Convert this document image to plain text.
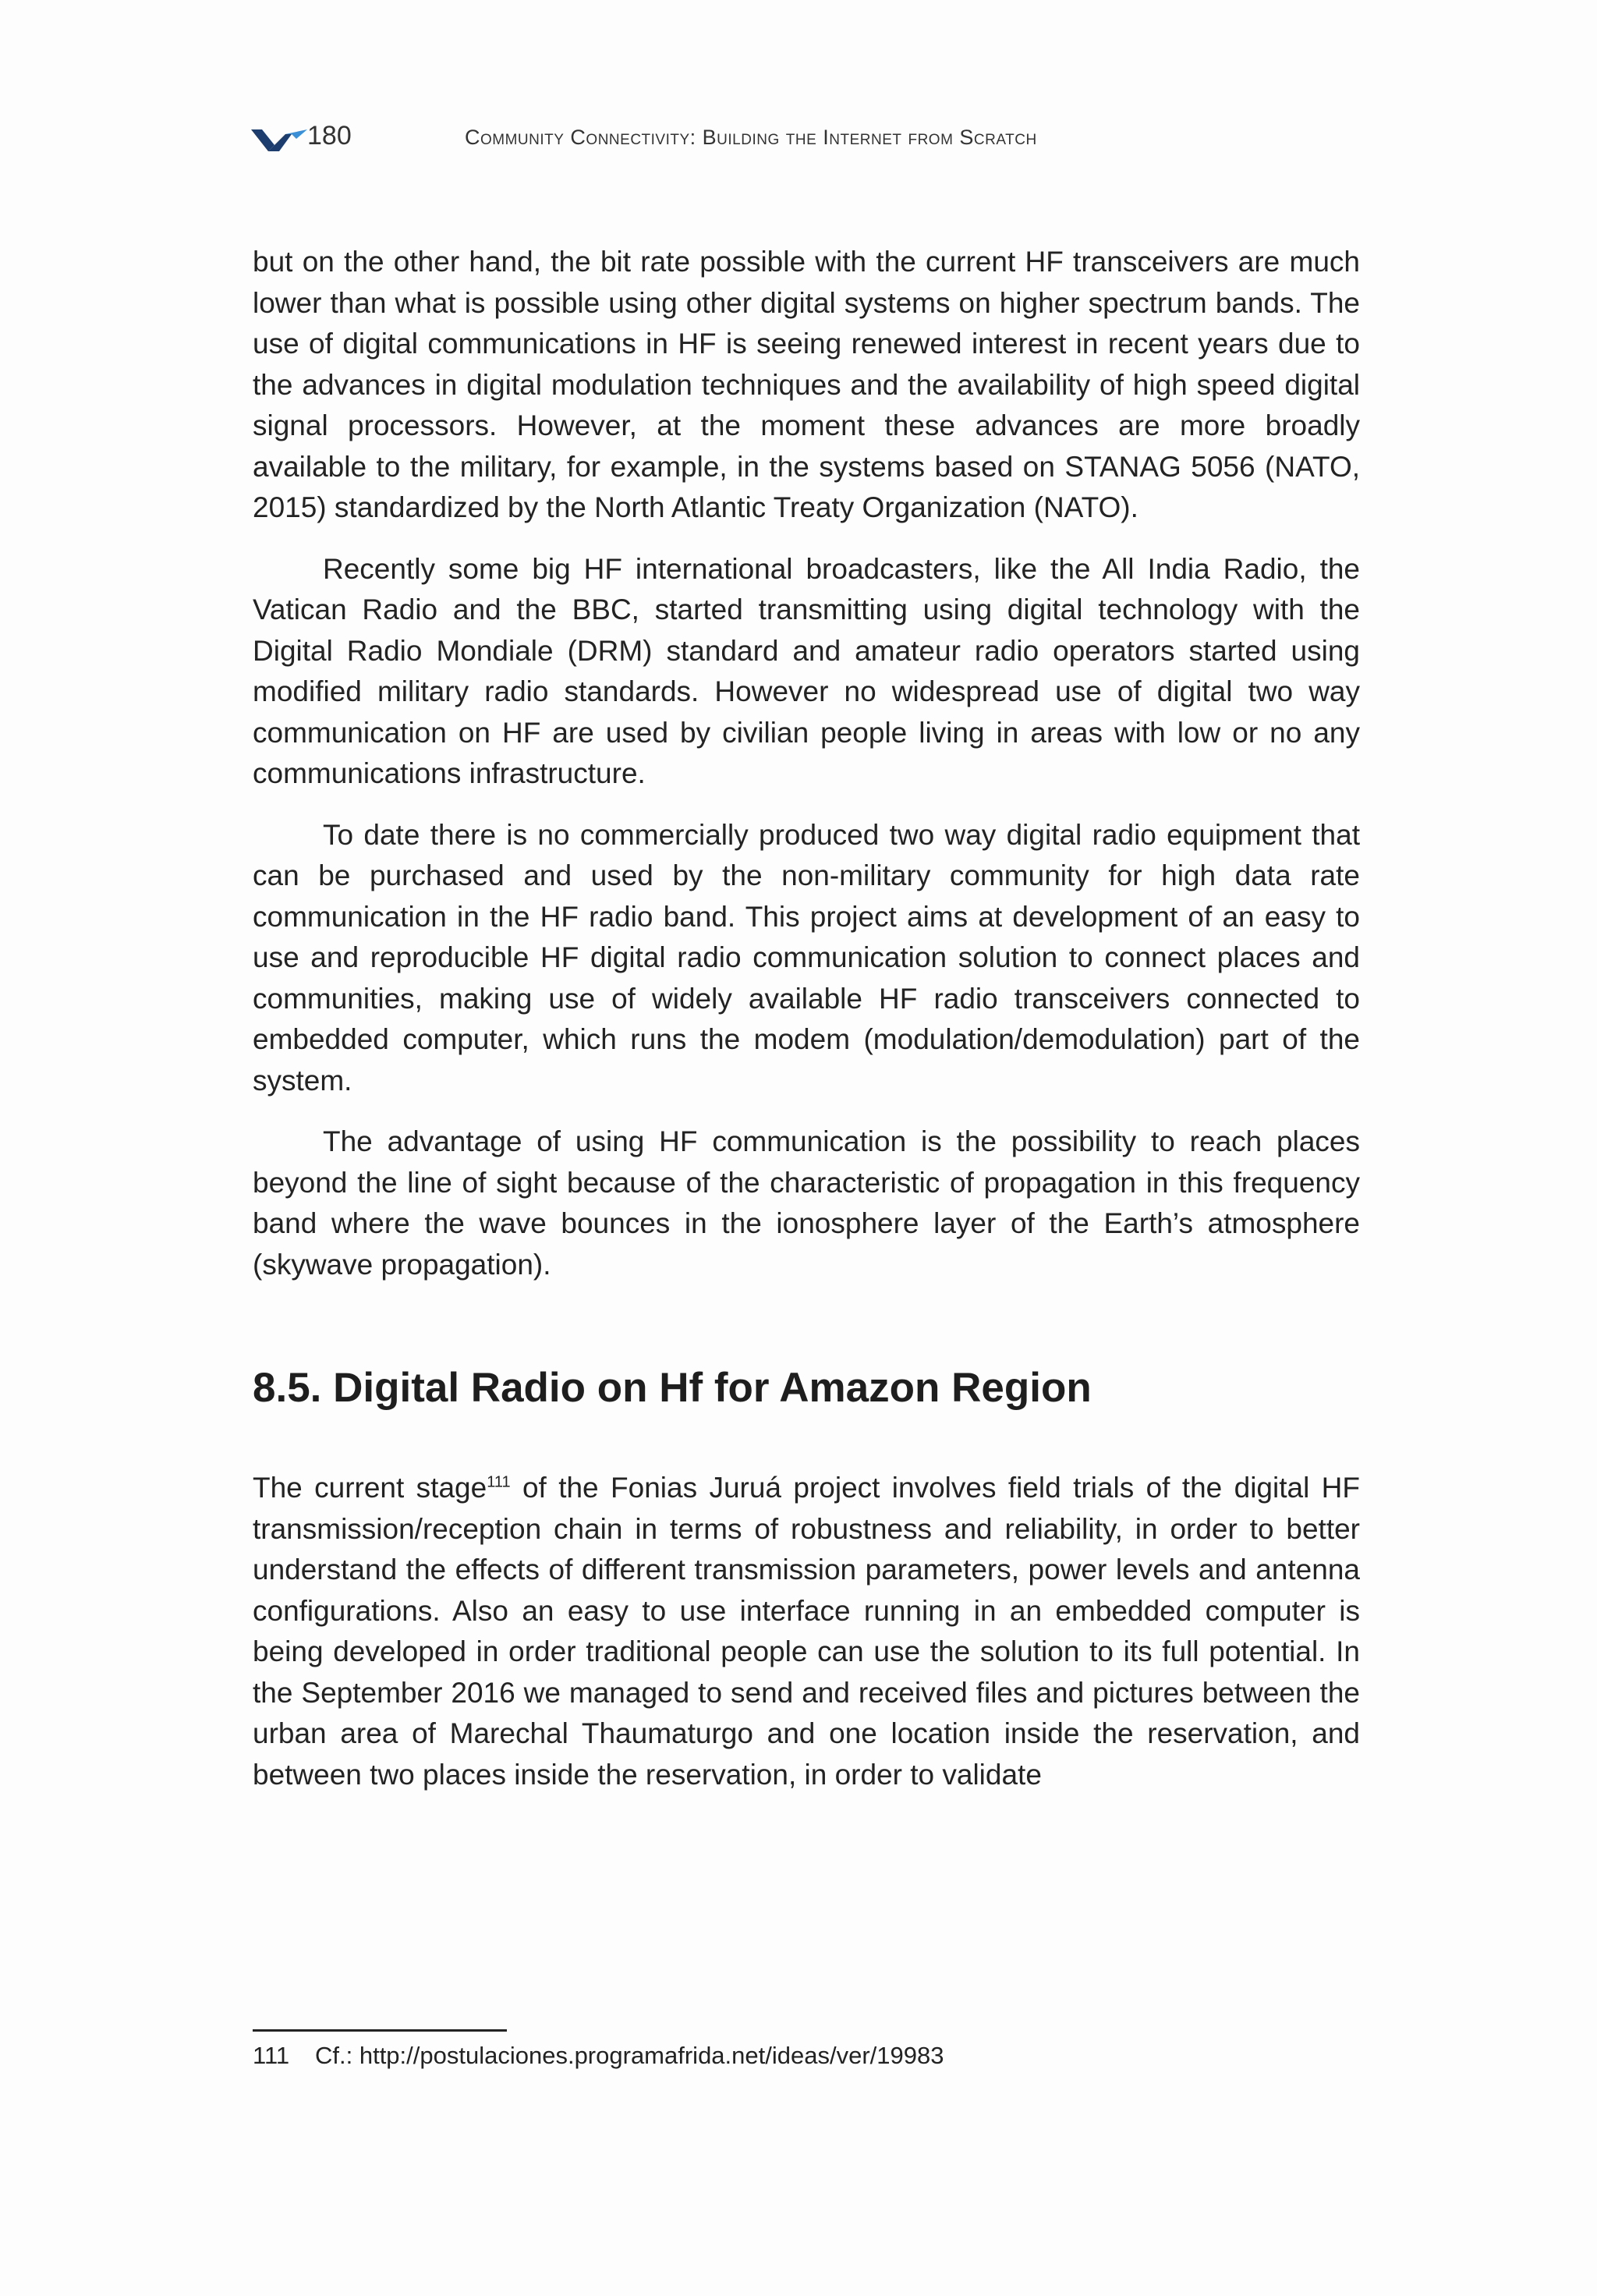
180	Community Connectivity: Building the Internet from Scratch

but on the other hand, the bit rate possible with the current HF transceivers are much lower than what is possible using other digital systems on higher spectrum bands. The use of digital communications in HF is seeing renewed interest in recent years due to the advances in digital modulation techniques and the availability of high speed digital signal processors. However, at the moment these advances are more broadly available to the military, for example, in the systems based on STANAG 5056 (NATO, 2015) standardized by the North Atlantic Treaty Organization (NATO).

Recently some big HF international broadcasters, like the All India Radio, the Vatican Radio and the BBC, started transmitting using digital technology with the Digital Radio Mondiale (DRM) standard and amateur radio operators started using modified military radio standards. However no widespread use of digital two way communication on HF are used by civilian people living in areas with low or no any communications infrastructure.

To date there is no commercially produced two way digital radio equipment that can be purchased and used by the non-military community for high data rate communication in the HF radio band. This project aims at development of an easy to use and reproducible HF digital radio communication solution to connect places and communities, making use of widely available HF radio transceivers connected to embedded computer, which runs the modem (modulation/demodulation) part of the system.

The advantage of using HF communication is the possibility to reach places beyond the line of sight because of the characteristic of propagation in this frequency band where the wave bounces in the ionosphere layer of the Earth’s atmosphere (skywave propagation).

8.5. Digital Radio on Hf for Amazon Region

The current stage$^{111}$ of the Fonias Juruá project involves field trials of the digital HF transmission/reception chain in terms of robustness and reliability, in order to better understand the effects of different transmission parameters, power levels and antenna configurations. Also an easy to use interface running in an embedded computer is being developed in order traditional people can use the solution to its full potential. In the September 2016 we managed to send and received files and pictures between the urban area of Marechal Thaumaturgo and one location inside the reservation, and between two places inside the reservation, in order to validate

111 Cf.: http://postulaciones.programafrida.net/ideas/ver/19983
